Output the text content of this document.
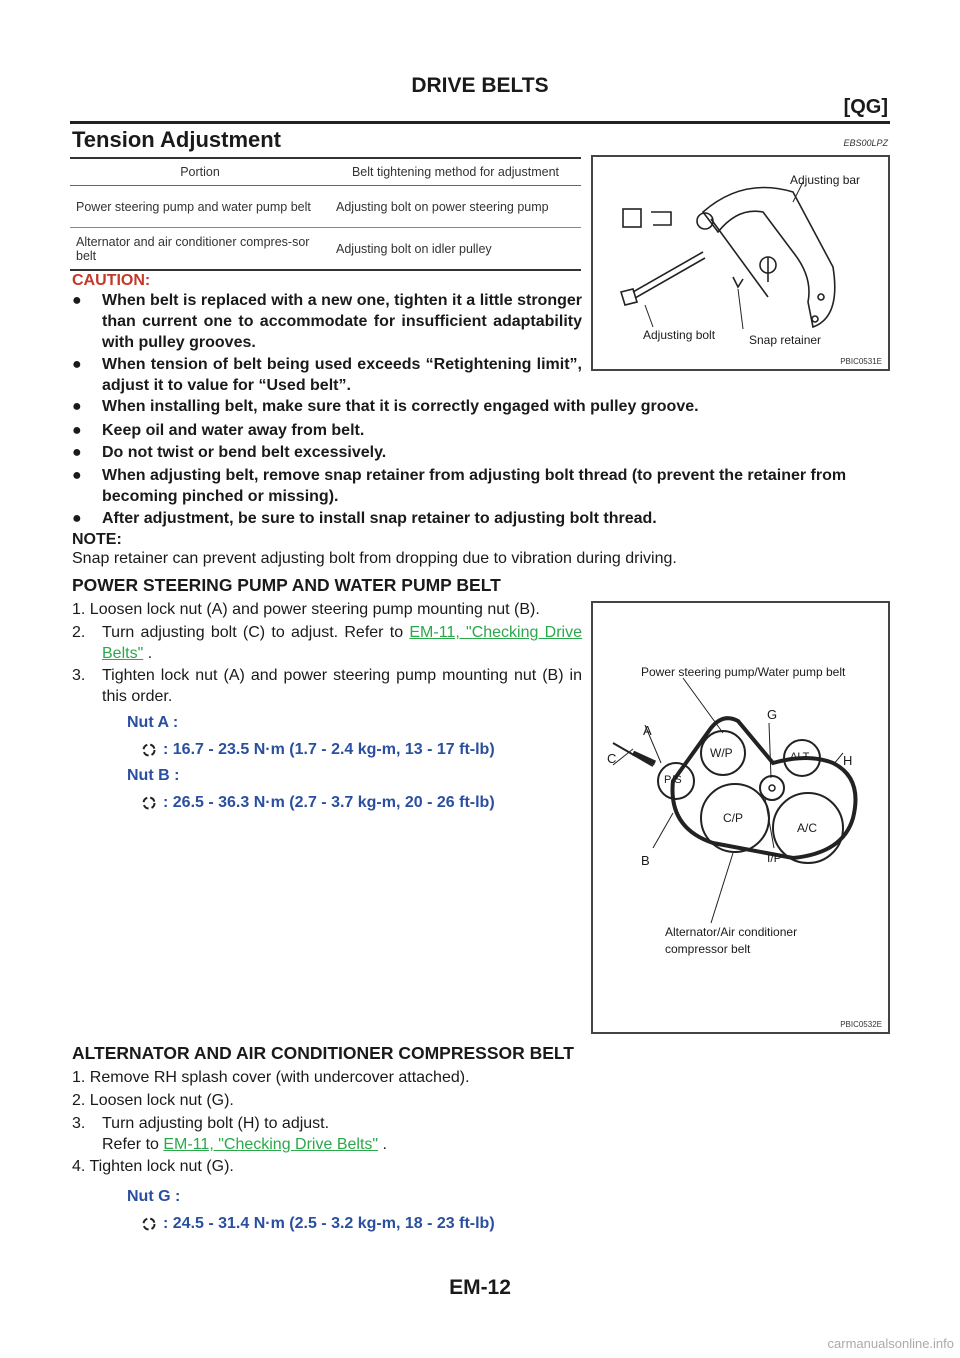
DRIVE BELTS
[QG]
Tension Adjustment	EBS00LPZ
Portion	Belt tightening method for adjustment
Power steering pump and water pump belt	Adjusting bolt on power steering pump
Alternator and air conditioner compres-sor belt	Adjusting bolt on idler pulley
Adjusting bar
Adjusting bolt	Snap retainer
PBIC0531E
CAUTION:
●	When belt is replaced with a new one, tighten it a little stronger than current one to accommodate for insufficient adaptability with pulley grooves.
●	When tension of belt being used exceeds “Retightening limit”, adjust it to value for “Used belt”.
●	When installing belt, make sure that it is correctly engaged with pulley groove.
●	Keep oil and water away from belt.
●	Do not twist or bend belt excessively.
●	When adjusting belt, remove snap retainer from adjusting bolt thread (to prevent the retainer from becoming pinched or missing).
●	After adjustment, be sure to install snap retainer to adjusting bolt thread.
NOTE:
Snap retainer can prevent adjusting bolt from dropping due to vibration during driving.
POWER STEERING PUMP AND WATER PUMP BELT
1. Loosen lock nut (A) and power steering pump mounting nut (B).
2.	Turn adjusting bolt (C) to adjust. Refer to EM-11, "Checking Drive Belts" .
3.	Tighten lock nut (A) and power steering pump mounting nut (B) in this order.
Nut A :
: 16.7 - 23.5 N·m (1.7 - 2.4 kg-m, 13 - 17 ft-lb)
Nut B :
: 26.5 - 36.3 N·m (2.7 - 3.7 kg-m, 20 - 26 ft-lb)
Power steering pump/Water pump belt
A
C
B
G
H
W/P
P/S
C/P
ALT
A/C
I/P
Alternator/Air conditioner
compressor belt
PBIC0532E
ALTERNATOR AND AIR CONDITIONER COMPRESSOR BELT
1. Remove RH splash cover (with undercover attached).
2. Loosen lock nut (G).
3.	Turn adjusting bolt (H) to adjust.
Refer to EM-11, "Checking Drive Belts" .
4. Tighten lock nut (G).
Nut G :
: 24.5 - 31.4 N·m (2.5 - 3.2 kg-m, 18 - 23 ft-lb)
EM-12
carmanualsonline.info
